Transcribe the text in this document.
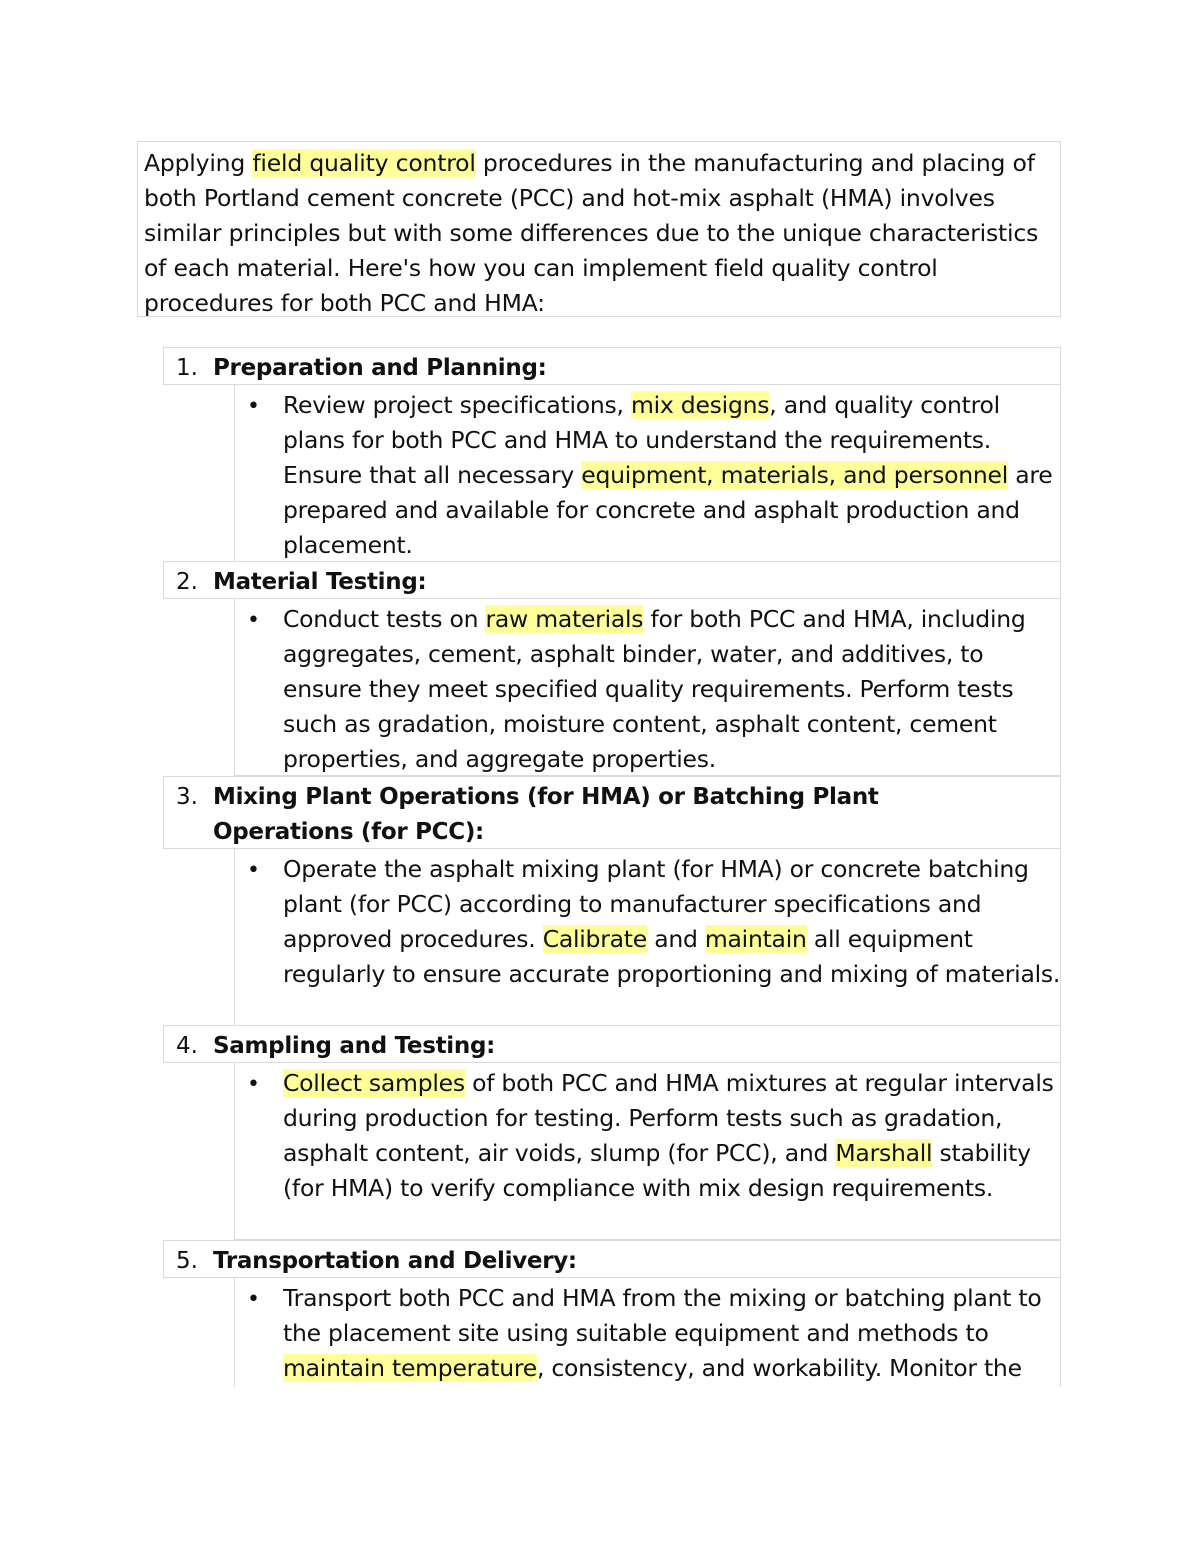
Applying field quality control procedures in the manufacturing and placing of both Portland cement concrete (PCC) and hot-mix asphalt (HMA) involves similar principles but with some differences due to the unique characteristics of each material. Here's how you can implement field quality control procedures for both PCC and HMA:
1. Preparation and Planning:
• Review project specifications, mix designs, and quality control plans for both PCC and HMA to understand the requirements. Ensure that all necessary equipment, materials, and personnel are prepared and available for concrete and asphalt production and placement.
2. Material Testing:
• Conduct tests on raw materials for both PCC and HMA, including aggregates, cement, asphalt binder, water, and additives, to ensure they meet specified quality requirements. Perform tests such as gradation, moisture content, asphalt content, cement properties, and aggregate properties.
3. Mixing Plant Operations (for HMA) or Batching Plant Operations (for PCC):
• Operate the asphalt mixing plant (for HMA) or concrete batching plant (for PCC) according to manufacturer specifications and approved procedures. Calibrate and maintain all equipment regularly to ensure accurate proportioning and mixing of materials.
4. Sampling and Testing:
• Collect samples of both PCC and HMA mixtures at regular intervals during production for testing. Perform tests such as gradation, asphalt content, air voids, slump (for PCC), and Marshall stability (for HMA) to verify compliance with mix design requirements.
5. Transportation and Delivery:
• Transport both PCC and HMA from the mixing or batching plant to the placement site using suitable equipment and methods to maintain temperature, consistency, and workability. Monitor the
